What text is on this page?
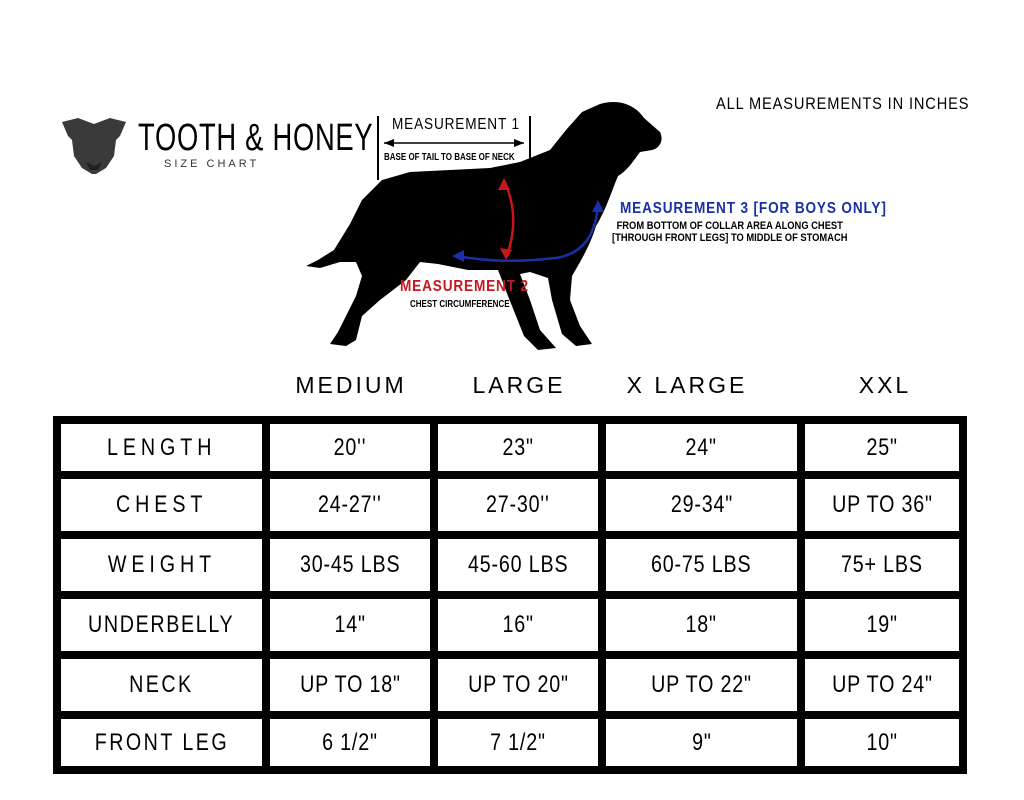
TOOTH & HONEY
SIZE CHART
ALL MEASUREMENTS IN INCHES
MEASUREMENT 1
BASE OF TAIL TO BASE OF NECK
MEASUREMENT 2
CHEST CIRCUMFERENCE
MEASUREMENT 3 [FOR BOYS ONLY]
FROM BOTTOM OF COLLAR AREA ALONG CHEST
[THROUGH FRONT LEGS] TO MIDDLE OF STOMACH
MEDIUM	LARGE	X LARGE	XXL
LENGTH	20''	23"	24"	25"
CHEST	24-27''	27-30''	29-34"	UP TO 36"
WEIGHT	30-45 LBS	45-60 LBS	60-75 LBS	75+ LBS
UNDERBELLY	14"	16"	18"	19"
NECK	UP TO 18"	UP TO 20"	UP TO 22"	UP TO 24"
FRONT LEG	6 1/2"	7 1/2"	9"	10"
